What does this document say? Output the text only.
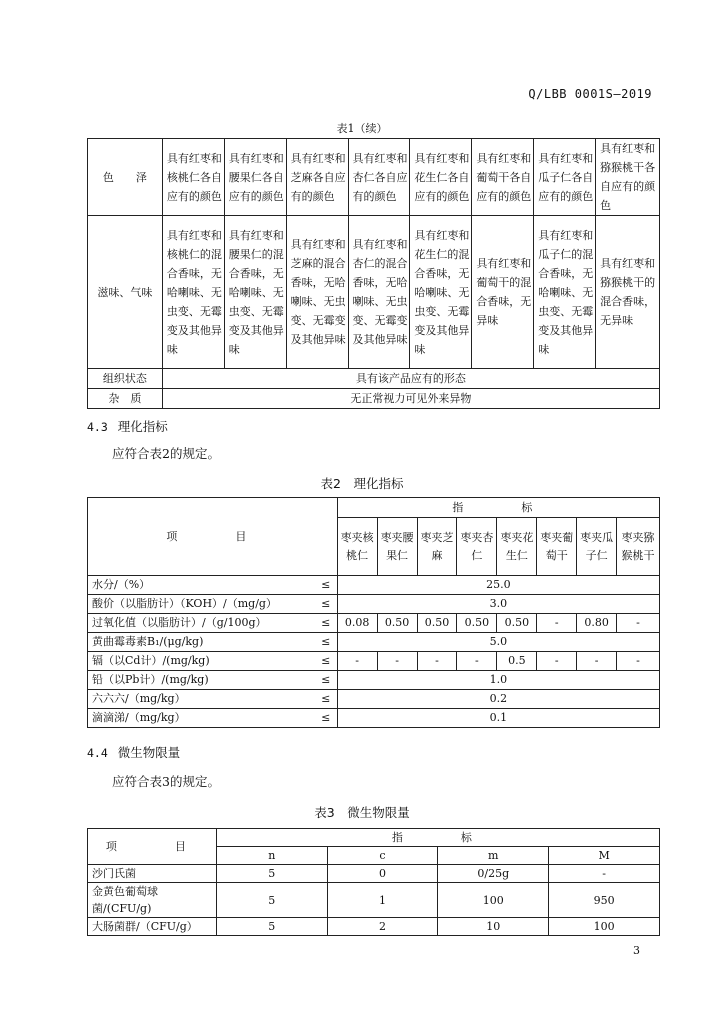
Q/LBB 0001S—2019
表1（续）
色　　泽	具有红枣和核桃仁各自应有的颜色	具有红枣和腰果仁各自应有的颜色	具有红枣和芝麻各自应有的颜色	具有红枣和杏仁各自应有的颜色	具有红枣和花生仁各自应有的颜色	具有红枣和葡萄干各自应有的颜色	具有红枣和瓜子仁各自应有的颜色	具有红枣和猕猴桃干各自应有的颜色
滋味、气味	具有红枣和核桃仁的混合香味，无哈喇味、无虫变、无霉变及其他异味	具有红枣和腰果仁的混合香味，无哈喇味、无虫变、无霉变及其他异味	具有红枣和芝麻的混合香味，无哈喇味、无虫变、无霉变及其他异味	具有红枣和杏仁的混合香味，无哈喇味、无虫变、无霉变及其他异味	具有红枣和花生仁的混合香味，无哈喇味、无虫变、无霉变及其他异味	具有红枣和葡萄干的混合香味，无异味	具有红枣和瓜子仁的混合香味，无哈喇味、无虫变、无霉变及其他异味	具有红枣和猕猴桃干的混合香味，无异味
组织状态	具有该产品应有的形态							
杂　质	无正常视力可见外来异物							
4.3 理化指标
应符合表2的规定。
表2　理化指标
项　　目		指　　标							
		枣夹核桃仁	枣夹腰果仁	枣夹芝麻	枣夹杏仁	枣夹花生仁	枣夹葡萄干	枣夹瓜子仁	枣夹猕猴桃干
水分/（%）	≤	25.0							
酸价（以脂肪计）（KOH）/（mg/g）	≤	3.0							
过氧化值（以脂肪计）/（g/100g）	≤	0.08	0.50	0.50	0.50	0.50	-	0.80	-
黄曲霉毒素B₁/(μg/kg)	≤	5.0							
镉（以Cd计）/(mg/kg)	≤	-	-	-	-	0.5	-	-	-
铅（以Pb计）/(mg/kg)	≤	1.0							
六六六/（mg/kg）	≤	0.2							
滴滴涕/（mg/kg）	≤	0.1							
4.4 微生物限量
应符合表3的规定。
表3　微生物限量
项　　目	指　　标			
	n	c	m	M
沙门氏菌	5	0	0/25g	-
金黄色葡萄球菌/(CFU/g)	5	1	100	950
大肠菌群/（CFU/g）	5	2	10	100
3
